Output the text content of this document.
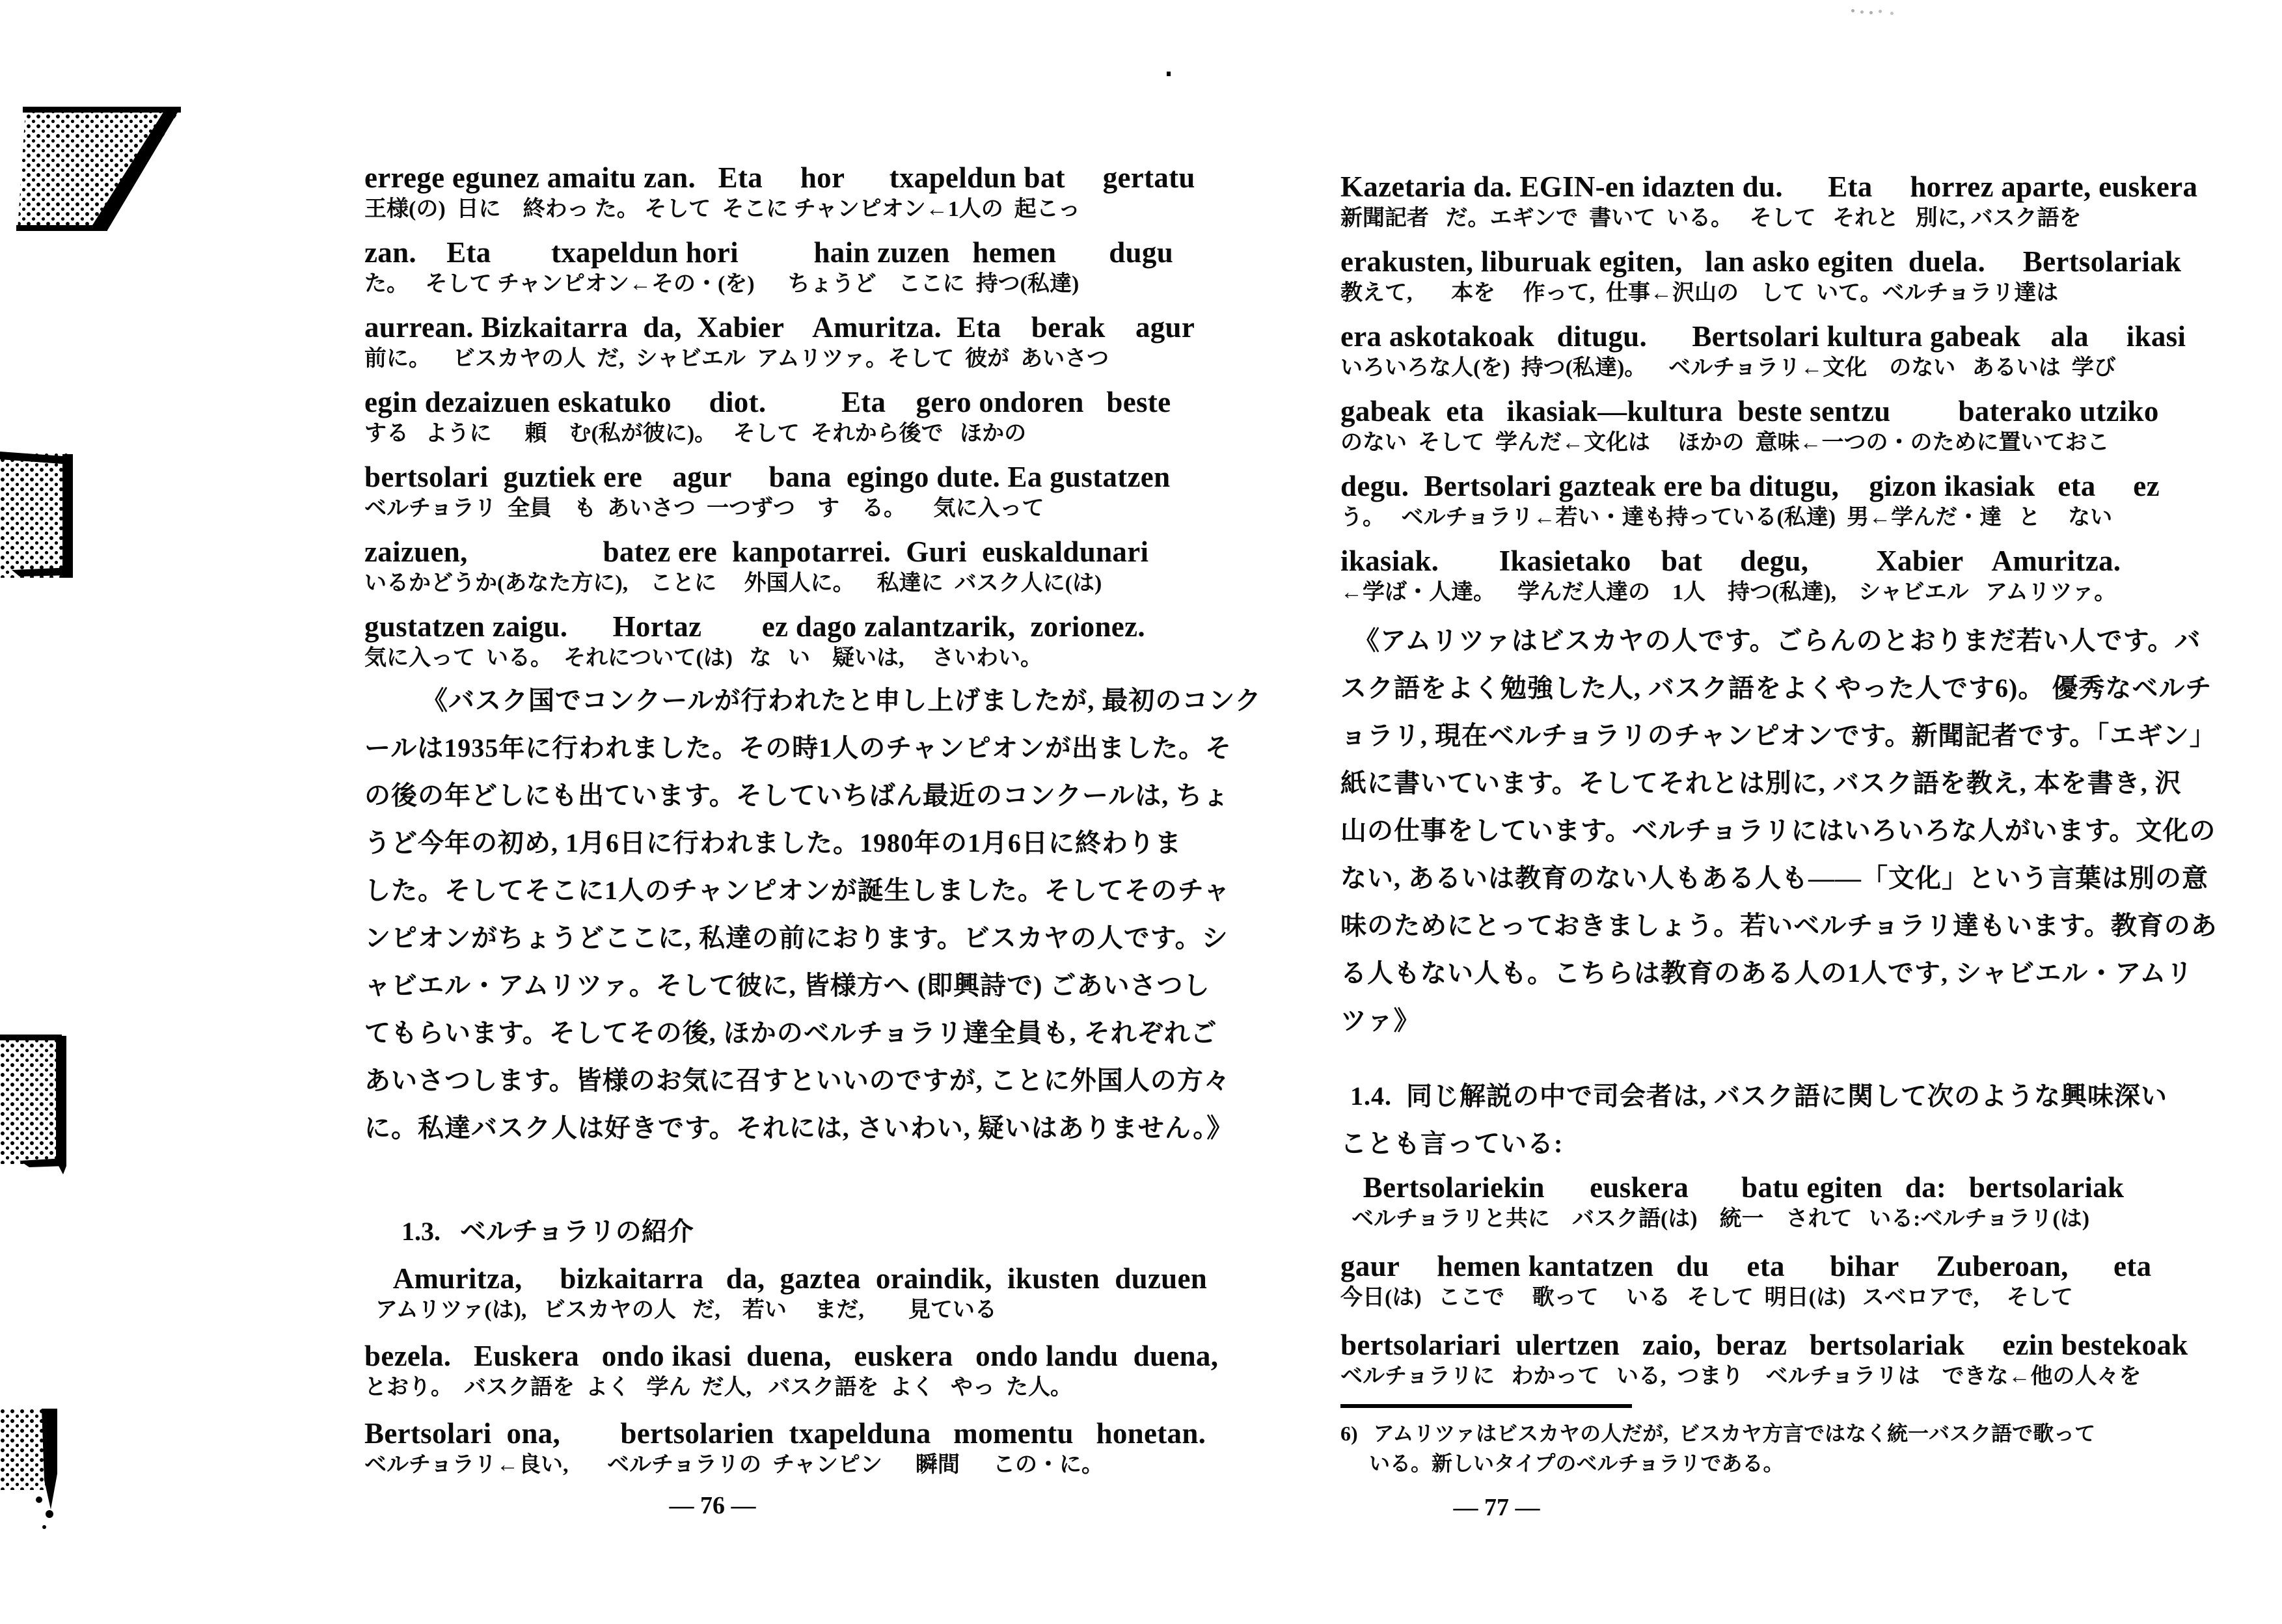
errege egunez amaitu zan.   Eta     hor      txapeldun bat     gertatu
王様(の)  日に    終わっ た。 そして  そこに チャンピオン←1人の  起こっ
zan.    Eta        txapeldun hori          hain zuzen   hemen       dugu
た。   そして チャンピオン←その・(を)      ちょうど    ここに  持つ(私達)
aurrean. Bizkaitarra  da,  Xabier    Amuritza.  Eta    berak    agur
前に。    ビスカヤの人  だ,  シャビエル  アムリツァ。そして  彼が  あいさつ
egin dezaizuen eskatuko     diot.          Eta    gero ondoren   beste
する   ように      頼    む(私が彼に)。   そして  それから後で   ほかの
bertsolari  guztiek ere    agur     bana  egingo dute. Ea gustatzen
ベルチョラリ  全員    も  あいさつ  一つずつ    す    る。     気に入って
zaizuen,                  batez ere  kanpotarrei.  Guri  euskaldunari
いるかどうか(あなた方に),    ことに     外国人に。    私達に  バスク人に(は)
gustatzen zaigu.      Hortaz        ez dago zalantzarik,  zorionez.
気に入って  いる。  それについて(は)   な   い    疑いは,     さいわい。
《バスク国でコンクールが行われたと申し上げましたが, 最初のコンク
ールは1935年に行われました。その時1人のチャンピオンが出ました。そ
の後の年どしにも出ています。そしていちばん最近のコンクールは, ちょ
うど今年の初め, 1月6日に行われました。1980年の1月6日に終わりま
した。そしてそこに1人のチャンピオンが誕生しました。そしてそのチャ
ンピオンがちょうどここに, 私達の前におります。ビスカヤの人です。シ
ャビエル・アムリツァ。そして彼に, 皆様方へ (即興詩で) ごあいさつし
てもらいます。そしてその後, ほかのベルチョラリ達全員も, それぞれご
あいさつします。皆様のお気に召すといいのですが, ことに外国人の方々
に。私達バスク人は好きです。それには, さいわい, 疑いはありません。》
1.3.   ベルチョラリの紹介
Amuritza,     bizkaitarra   da,  gaztea  oraindik,  ikusten  duzuen
アムリツァ(は),   ビスカヤの人   だ,    若い     まだ,        見ている
bezela.   Euskera   ondo ikasi  duena,   euskera   ondo landu  duena,
とおり。  バスク語を  よく   学ん  だ人,   バスク語を  よく   やっ  た人。
Bertsolari  ona,        bertsolarien  txapelduna   momentu   honetan.
ベルチョラリ←良い,       ベルチョラリの  チャンピン      瞬間      この・に。
— 76 —
Kazetaria da. EGIN-en idazten du.      Eta     horrez aparte, euskera
新聞記者   だ。エギンで  書いて  いる。   そして   それと   別に, バスク語を
erakusten, liburuak egiten,   lan asko egiten  duela.     Bertsolariak
教えて,       本を     作って,  仕事←沢山の    して  いて。ベルチョラリ達は
era askotakoak   ditugu.      Bertsolari kultura gabeak    ala     ikasi
いろいろな人(を)  持つ(私達)。    ベルチョラリ←文化    のない   あるいは  学び
gabeak  eta   ikasiak—kultura  beste sentzu         baterako utziko
のない  そして  学んだ←文化は     ほかの  意味←一つの・のために置いておこ
degu.  Bertsolari gazteak ere ba ditugu,    gizon ikasiak   eta     ez
う。   ベルチョラリ←若い・達も持っている(私達)  男←学んだ・達   と     ない
ikasiak.        Ikasietako    bat     degu,         Xabier    Amuritza.
←学ば・人達。    学んだ人達の    1人    持つ(私達),    シャビエル   アムリツァ。
《アムリツァはビスカヤの人です。ごらんのとおりまだ若い人です。バ
スク語をよく勉強した人, バスク語をよくやった人です6)。 優秀なベルチ
ョラリ, 現在ベルチョラリのチャンピオンです。新聞記者です。「エギン」
紙に書いています。そしてそれとは別に, バスク語を教え, 本を書き, 沢
山の仕事をしています。ベルチョラリにはいろいろな人がいます。文化の
ない, あるいは教育のない人もある人も——「文化」という言葉は別の意
味のためにとっておきましょう。若いベルチョラリ達もいます。教育のあ
る人もない人も。こちらは教育のある人の1人です, シャビエル・アムリ
ツァ》
1.4.  同じ解説の中で司会者は, バスク語に関して次のような興味深い
ことも言っている:
Bertsolariekin      euskera       batu egiten   da:   bertsolariak
ベルチョラリと共に    バスク語(は)    統一    されて   いる:ベルチョラリ(は)
gaur     hemen kantatzen   du     eta      bihar     Zuberoan,      eta
今日(は)   ここで     歌って     いる   そして  明日(は)   スベロアで,     そして
bertsolariari  ulertzen   zaio,  beraz   bertsolariak     ezin bestekoak
ベルチョラリに   わかって   いる,  つまり    ベルチョラリは    できな←他の人々を
6)   アムリツァはビスカヤの人だが,  ビスカヤ方言ではなく統一バスク語で歌って
いる。新しいタイプのベルチョラリである。
— 77 —
